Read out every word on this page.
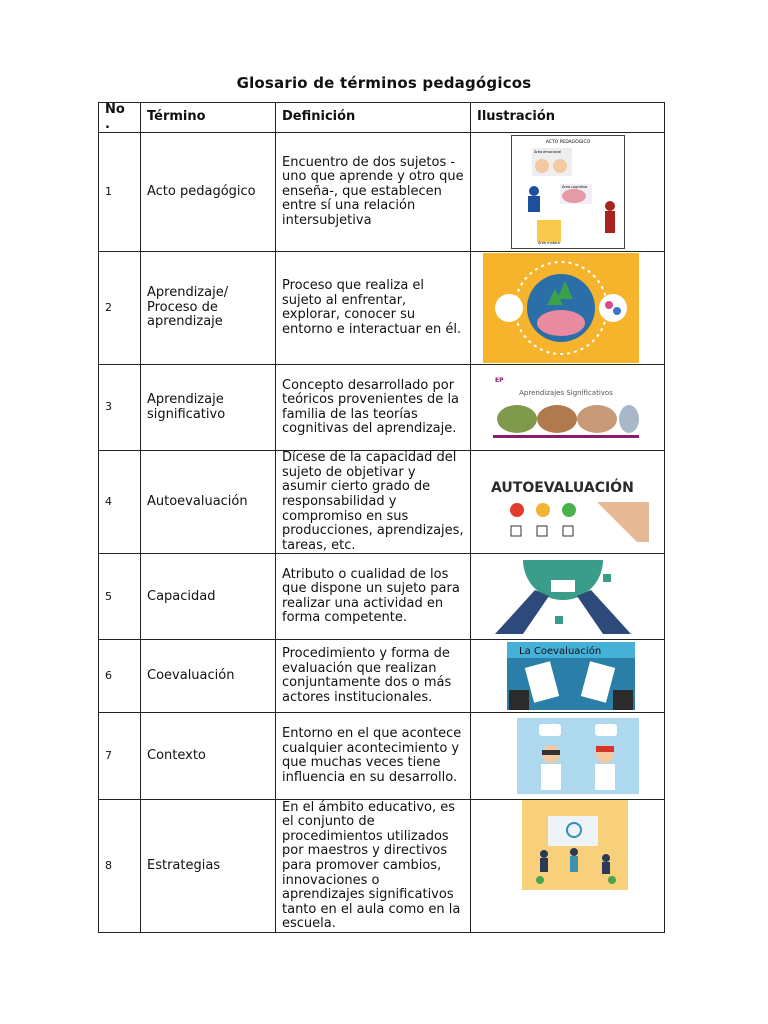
Glosario de términos pedagógicos
No .	Término	Definición	Ilustración
1	Acto pedagógico	Encuentro de dos sujetos - uno que aprende y otro que enseña-, que establecen entre sí una relación intersubjetiva	ACTO PEDAGÓGICO
Área emocional
Área cognitiva
Área motora

2	Aprendizaje/ Proceso de aprendizaje	Proceso que realiza el sujeto al enfrentar, explorar, conocer su entorno e interactuar en él.	

3	Aprendizaje significativo	Concepto desarrollado por teóricos provenientes de la familia de las teorías cognitivas del aprendizaje.	EP
Aprendizajes Significativos

4	Autoevaluación	Dícese de la capacidad del sujeto de objetivar y asumir cierto grado de responsabilidad y compromiso en sus producciones, aprendizajes, tareas, etc.	AUTOEVALUACIÓN

5	Capacidad	Atributo o cualidad de los que dispone un sujeto para realizar una actividad en forma competente.	

6	Coevaluación	Procedimiento y forma de evaluación que realizan conjuntamente dos o más actores institucionales.	La Coevaluación

7	Contexto	Entorno en el que acontece cualquier acontecimiento y que muchas veces tiene influencia en su desarrollo.	

8	Estrategias	En el ámbito educativo, es el conjunto de procedimientos utilizados por maestros y directivos para promover cambios, innovaciones o aprendizajes significativos tanto en el aula como en la escuela.	
